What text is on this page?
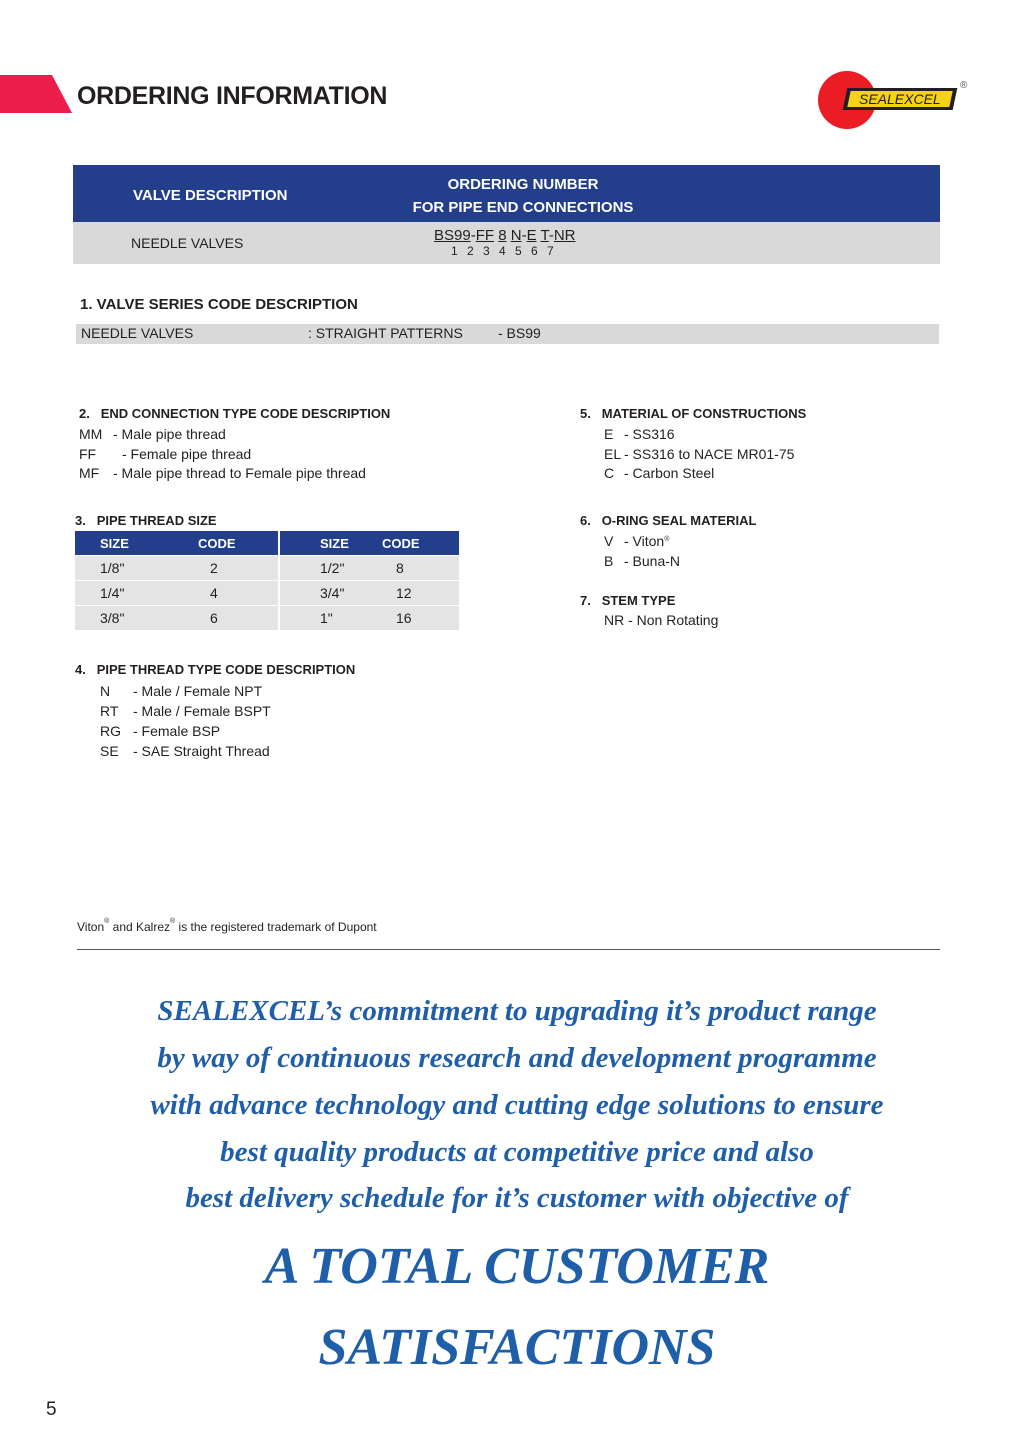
ORDERING INFORMATION	SEALEXCEL
®
VALVE DESCRIPTION
ORDERING NUMBER
FOR PIPE END CONNECTIONS
NEEDLE VALVES	BS99-FF 8 N-E T-NR
1 2 3 4 5 6 7
1. VALVE SERIES CODE DESCRIPTION
NEEDLE VALVES	: STRAIGHT PATTERNS	- BS99
2. END CONNECTION TYPE CODE DESCRIPTION
MM - Male pipe thread
FF - Female pipe thread
MF - Male pipe thread to Female pipe thread
3. PIPE THREAD SIZE
SIZE	CODE	SIZE	CODE
1/8"	2	1/2"	8
1/4"	4	3/4"	12
3/8"	6	1"	16
4. PIPE THREAD TYPE CODE DESCRIPTION
N - Male / Female NPT
RT - Male / Female BSPT
RG - Female BSP
SE - SAE Straight Thread
5. MATERIAL OF CONSTRUCTIONS
E - SS316
EL - SS316 to NACE MR01-75
C - Carbon Steel
6. O-RING SEAL MATERIAL
V - Viton®
B - Buna-N
7. STEM TYPE
NR - Non Rotating
Viton® and Kalrez® is the registered trademark of Dupont
SEALEXCEL’s commitment to upgrading it’s product range
by way of continuous research and development programme
with advance technology and cutting edge solutions to ensure
best quality products at competitive price and also
best delivery schedule for it’s customer with objective of
A TOTAL CUSTOMER
SATISFACTIONS
5
